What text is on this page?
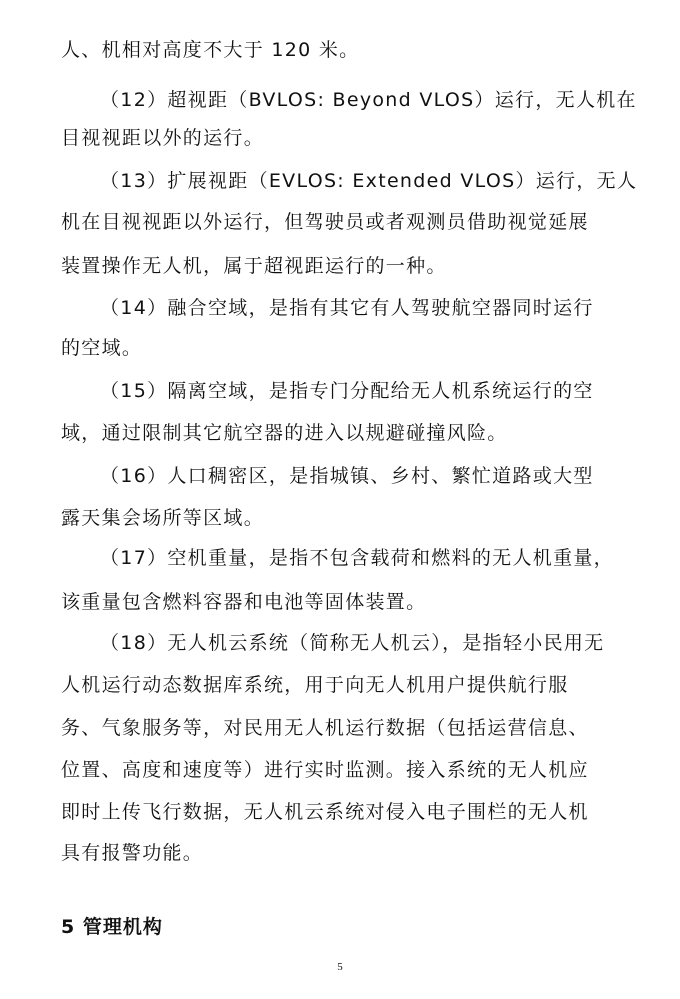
人、机相对高度不大于 120 米。
（12）超视距（BVLOS: Beyond VLOS）运行，无人机在
目视视距以外的运行。
（13）扩展视距（EVLOS: Extended VLOS）运行，无人
机在目视视距以外运行，但驾驶员或者观测员借助视觉延展
装置操作无人机，属于超视距运行的一种。
（14）融合空域，是指有其它有人驾驶航空器同时运行
的空域。
（15）隔离空域，是指专门分配给无人机系统运行的空
域，通过限制其它航空器的进入以规避碰撞风险。
（16）人口稠密区，是指城镇、乡村、繁忙道路或大型
露天集会场所等区域。
（17）空机重量，是指不包含载荷和燃料的无人机重量，
该重量包含燃料容器和电池等固体装置。
（18）无人机云系统（简称无人机云），是指轻小民用无
人机运行动态数据库系统，用于向无人机用户提供航行服
务、气象服务等，对民用无人机运行数据（包括运营信息、
位置、高度和速度等）进行实时监测。接入系统的无人机应
即时上传飞行数据，无人机云系统对侵入电子围栏的无人机
具有报警功能。
5 管理机构
5
